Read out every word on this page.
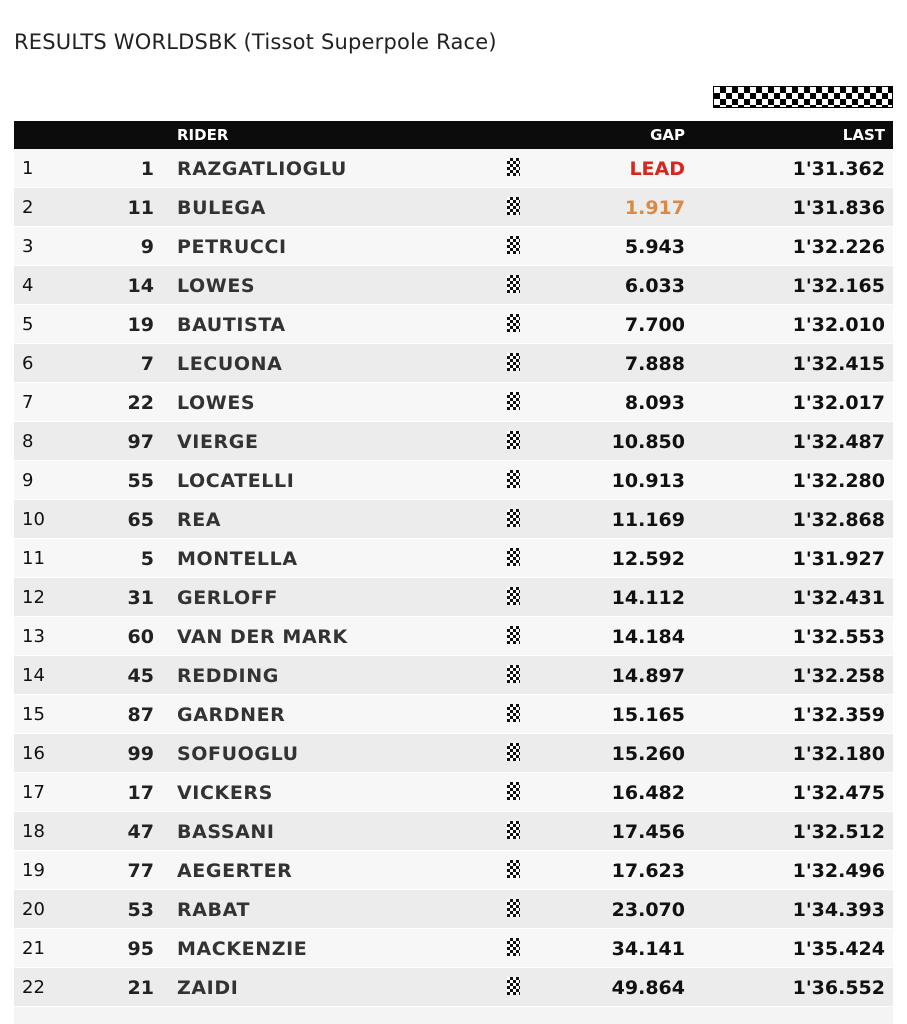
RESULTS WORLDSBK (Tissot Superpole Race)
RIDER	GAP	LAST
1	1 RAZGATLIOGLU	LEAD	1'31.362
2	11 BULEGA	1.917	1'31.836
3	9 PETRUCCI	5.943	1'32.226
4	14 LOWES	6.033	1'32.165
5	19 BAUTISTA	7.700	1'32.010
6	7 LECUONA	7.888	1'32.415
7	22 LOWES	8.093	1'32.017
8	97 VIERGE	10.850	1'32.487
9	55 LOCATELLI	10.913	1'32.280
10	65 REA	11.169	1'32.868
11	5 MONTELLA	12.592	1'31.927
12	31 GERLOFF	14.112	1'32.431
13	60 VAN DER MARK	14.184	1'32.553
14	45 REDDING	14.897	1'32.258
15	87 GARDNER	15.165	1'32.359
16	99 SOFUOGLU	15.260	1'32.180
17	17 VICKERS	16.482	1'32.475
18	47 BASSANI	17.456	1'32.512
19	77 AEGERTER	17.623	1'32.496
20	53 RABAT	23.070	1'34.393
21	95 MACKENZIE	34.141	1'35.424
22	21 ZAIDI	49.864	1'36.552
